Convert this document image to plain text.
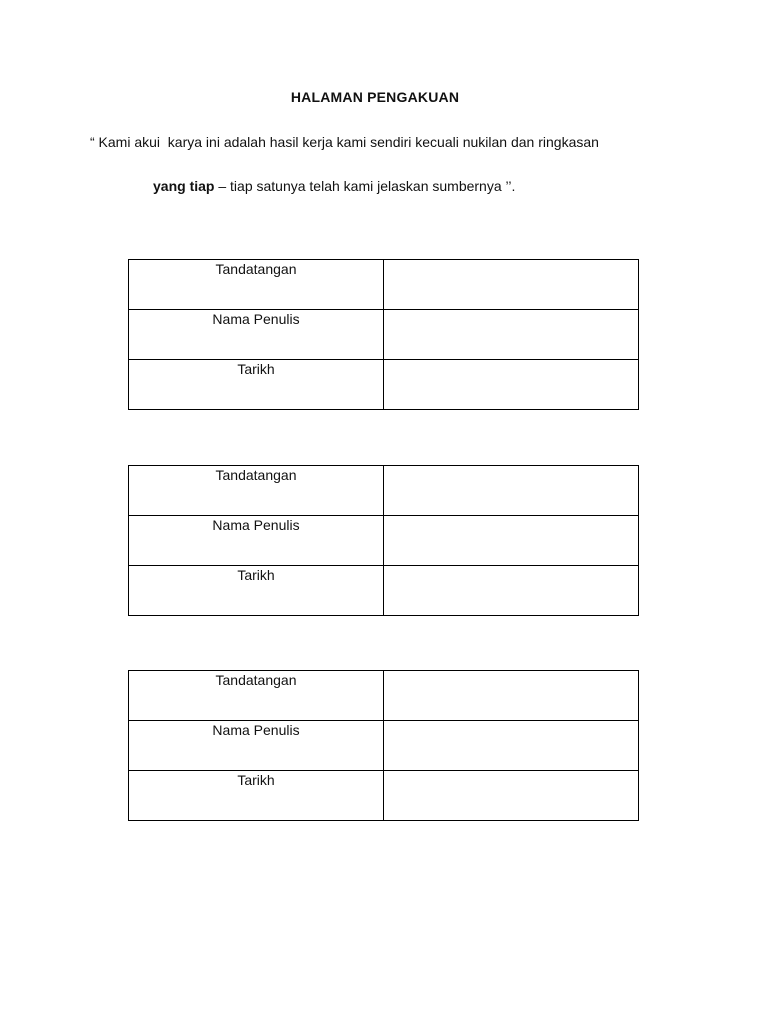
HALAMAN PENGAKUAN
“ Kami akui  karya ini adalah hasil kerja kami sendiri kecuali nukilan dan ringkasan
yang tiap – tiap satunya telah kami jelaskan sumbernya ’’.
Tandatangan	
Nama Penulis	
Tarikh	
Tandatangan	
Nama Penulis	
Tarikh	
Tandatangan	
Nama Penulis	
Tarikh	
